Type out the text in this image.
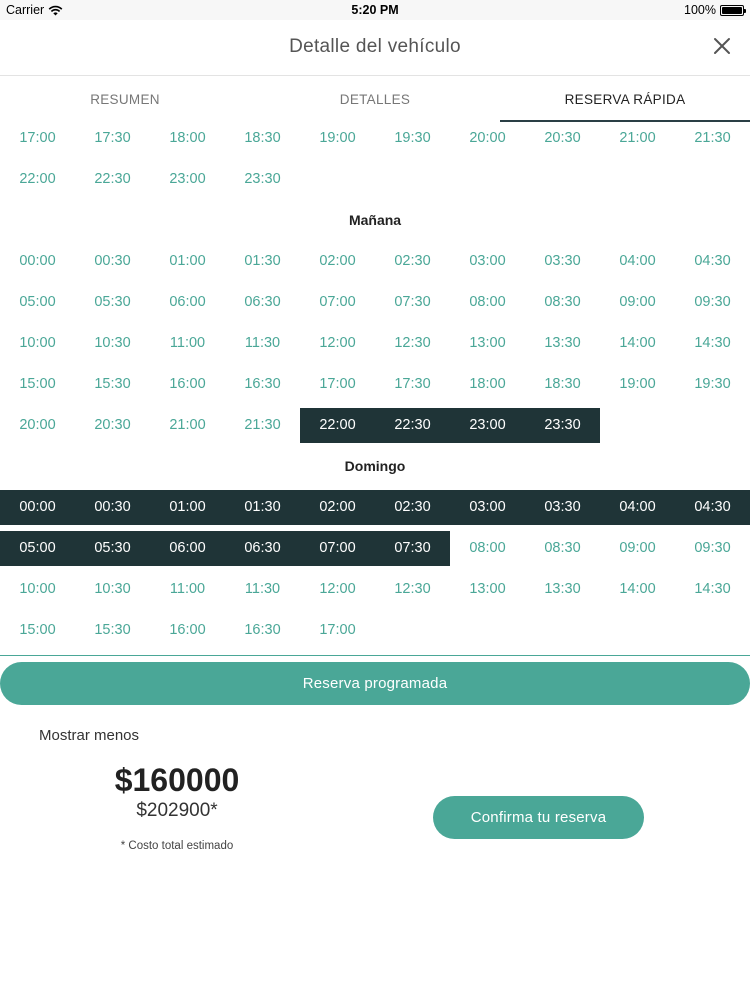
Carrier	5:20 PM	100%
Detalle del vehículo
RESUMEN	DETALLES	RESERVA RÁPIDA
17:00	17:30	18:00	18:30	19:00	19:30	20:00	20:30	21:00	21:30
22:00	22:30	23:00	23:30
Mañana
00:00	00:30	01:00	01:30	02:00	02:30	03:00	03:30	04:00	04:30
05:00	05:30	06:00	06:30	07:00	07:30	08:00	08:30	09:00	09:30
10:00	10:30	11:00	11:30	12:00	12:30	13:00	13:30	14:00	14:30
15:00	15:30	16:00	16:30	17:00	17:30	18:00	18:30	19:00	19:30
20:00	20:30	21:00	21:30	22:00	22:30	23:00	23:30
Domingo
00:00	00:30	01:00	01:30	02:00	02:30	03:00	03:30	04:00	04:30
05:00	05:30	06:00	06:30	07:00	07:30	08:00	08:30	09:00	09:30
10:00	10:30	11:00	11:30	12:00	12:30	13:00	13:30	14:00	14:30
15:00	15:30	16:00	16:30	17:00
Reserva programada
Mostrar menos
$160000
$202900*
* Costo total estimado
Confirma tu reserva
